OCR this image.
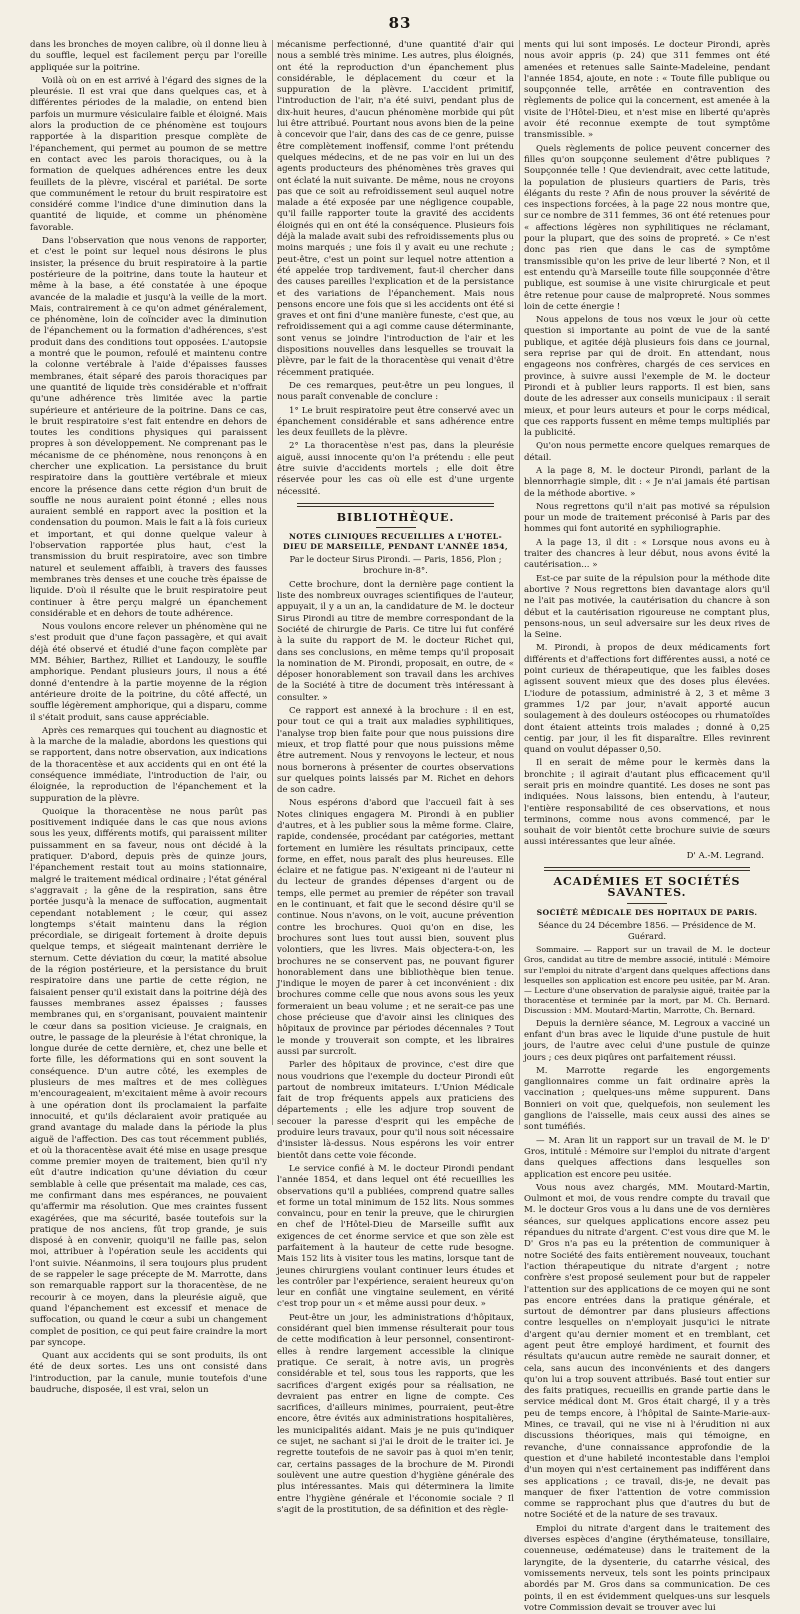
83

dans les bronches de moyen calibre, où il donne lieu à du souffle, lequel est facilement perçu par l'oreille appliquée sur la poitrine.

Voilà où on en est arrivé à l'égard des signes de la pleurésie. Il est vrai que dans quelques cas, et à différentes périodes de la maladie, on entend bien parfois un murmure vésiculaire faible et éloigné. Mais alors la production de ce phénomène est toujours rapportée à la disparition presque complète de l'épanchement, qui permet au poumon de se mettre en contact avec les parois thoraciques, ou à la formation de quelques adhérences entre les deux feuillets de la plèvre, viscéral et pariétal. De sorte que communément le retour du bruit respiratoire est considéré comme l'indice d'une diminution dans la quantité de liquide, et comme un phénomène favorable.

Dans l'observation que nous venons de rapporter, et c'est le point sur lequel nous désirons le plus insister, la présence du bruit respiratoire à la partie postérieure de la poitrine, dans toute la hauteur et même à la base, a été constatée à une époque avancée de la maladie et jusqu'à la veille de la mort. Mais, contrairement à ce qu'on admet généralement, ce phénomène, loin de coïncider avec la diminution de l'épanchement ou la formation d'adhérences, s'est produit dans des conditions tout opposées. L'autopsie a montré que le poumon, refoulé et maintenu contre la colonne vertébrale à l'aide d'épaisses fausses membranes, était séparé des parois thoraciques par une quantité de liquide très considérable et n'offrait qu'une adhérence très limitée avec la partie supérieure et antérieure de la poitrine. Dans ce cas, le bruit respiratoire s'est fait entendre en dehors de toutes les conditions physiques qui paraissent propres à son développement. Ne comprenant pas le mécanisme de ce phénomène, nous renonçons à en chercher une explication. La persistance du bruit respiratoire dans la gouttière vertébrale et mieux encore la présence dans cette région d'un bruit de souffle ne nous auraient point étonné ; elles nous auraient semblé en rapport avec la position et la condensation du poumon. Mais le fait a là fois curieux et important, et qui donne quelque valeur à l'observation rapportée plus haut, c'est la transmission du bruit respiratoire, avec son timbre naturel et seulement affaibli, à travers des fausses membranes très denses et une couche très épaisse de liquide. D'où il résulte que le bruit respiratoire peut continuer à être perçu malgré un épanchement considérable et en dehors de toute adhérence.

Nous voulons encore relever un phénomène qui ne s'est produit que d'une façon passagère, et qui avait déjà été observé et étudié d'une façon complète par MM. Béhier, Barthez, Rilliet et Landouzy, le souffle amphorique. Pendant plusieurs jours, il nous a été donné d'entendre à la partie moyenne de la région antérieure droite de la poitrine, du côté affecté, un souffle légèrement amphorique, qui a disparu, comme il s'était produit, sans cause appréciable.

Après ces remarques qui touchent au diagnostic et à la marche de la maladie, abordons les questions qui se rapportent, dans notre observation, aux indications de la thoracentèse et aux accidents qui en ont été la conséquence immédiate, l'introduction de l'air, ou éloignée, la reproduction de l'épanchement et la suppuration de la plèvre.

Quoique la thoracentèse ne nous parût pas positivement indiquée dans le cas que nous avions sous les yeux, différents motifs, qui paraissent militer puissamment en sa faveur, nous ont décidé à la pratiquer. D'abord, depuis près de quinze jours, l'épanchement restait tout au moins stationnaire, malgré le traitement médical ordinaire ; l'état général s'aggravait ; la gêne de la respiration, sans être portée jusqu'à la menace de suffocation, augmentait cependant notablement ; le cœur, qui assez longtemps s'était maintenu dans la région précordiale, se dirigeait fortement à droite depuis quelque temps, et siégeait maintenant derrière le sternum. Cette déviation du cœur, la matité absolue de la région postérieure, et la persistance du bruit respiratoire dans une partie de cette région, ne faisaient penser qu'il existait dans la poitrine déjà des fausses membranes assez épaisses ; fausses membranes qui, en s'organisant, pouvaient maintenir le cœur dans sa position vicieuse. Je craignais, en outre, le passage de la pleurésie à l'état chronique, la longue durée de cette dernière, et, chez une belle et forte fille, les déformations qui en sont souvent la conséquence. D'un autre côté, les exemples de plusieurs de mes maîtres et de mes collègues m'encourageaient, m'excitaient même à avoir recours à une opération dont ils proclamaient la parfaite innocuité, et qu'ils déclaraient avoir pratiquée au grand avantage du malade dans la période la plus aiguë de l'affection. Des cas tout récemment publiés, et où la thoracentèse avait été mise en usage presque comme premier moyen de traitement, bien qu'il n'y eût d'autre indication qu'une déviation du cœur semblable à celle que présentait ma malade, ces cas, me confirmant dans mes espérances, ne pouvaient qu'affermir ma résolution. Que mes craintes fussent exagérées, que ma sécurité, basée toutefois sur la pratique de nos anciens, fût trop grande, je suis disposé à en convenir, quoiqu'il ne faille pas, selon moi, attribuer à l'opération seule les accidents qui l'ont suivie. Néanmoins, il sera toujours plus prudent de se rappeler le sage précepte de M. Marrotte, dans son remarquable rapport sur la thoracentèse, de ne recourir à ce moyen, dans la pleurésie aiguë, que quand l'épanchement est excessif et menace de suffocation, ou quand le cœur a subi un changement complet de position, ce qui peut faire craindre la mort par syncope.

Quant aux accidents qui se sont produits, ils ont été de deux sortes. Les uns ont consisté dans l'introduction, par la canule, munie toutefois d'une baudruche, disposée, il est vrai, selon un

mécanisme perfectionné, d'une quantité d'air qui nous a semblé très minime. Les autres, plus éloignés, ont été la reproduction d'un épanchement plus considérable, le déplacement du cœur et la suppuration de la plèvre. L'accident primitif, l'introduction de l'air, n'a été suivi, pendant plus de dix-huit heures, d'aucun phénomène morbide qui pût lui être attribué. Pourtant nous avons bien de la peine à concevoir que l'air, dans des cas de ce genre, puisse être complètement inoffensif, comme l'ont prétendu quelques médecins, et de ne pas voir en lui un des agents producteurs des phénomènes très graves qui ont éclaté la nuit suivante. De même, nous ne croyons pas que ce soit au refroidissement seul auquel notre malade a été exposée par une négligence coupable, qu'il faille rapporter toute la gravité des accidents éloignés qui en ont été la conséquence. Plusieurs fois déjà la malade avait subi des refroidissements plus ou moins marqués ; une fois il y avait eu une rechute ; peut-être, c'est un point sur lequel notre attention a été appelée trop tardivement, faut-il chercher dans des causes pareilles l'explication et de la persistance et des variations de l'épanchement. Mais nous pensons encore une fois que si les accidents ont été si graves et ont fini d'une manière funeste, c'est que, au refroidissement qui a agi comme cause déterminante, sont venus se joindre l'introduction de l'air et les dispositions nouvelles dans lesquelles se trouvait la plèvre, par le fait de la thoracentèse qui venait d'être récemment pratiquée.

De ces remarques, peut-être un peu longues, il nous paraît convenable de conclure :

1° Le bruit respiratoire peut être conservé avec un épanchement considérable et sans adhérence entre les deux feuillets de la plèvre.

2° La thoracentèse n'est pas, dans la pleurésie aiguë, aussi innocente qu'on l'a prétendu : elle peut être suivie d'accidents mortels ; elle doit être réservée pour les cas où elle est d'une urgente nécessité.

BIBLIOTHÈQUE.
NOTES CLINIQUES RECUEILLIES A L'HOTEL-DIEU DE MARSEILLE, PENDANT L'ANNÉE 1854,
Par le docteur Sirus Pirondi. — Paris, 1856, Plon ; brochure in-8°.

Cette brochure, dont la dernière page contient la liste des nombreux ouvrages scientifiques de l'auteur, appuyait, il y a un an, la candidature de M. le docteur Sirus Pirondi au titre de membre correspondant de la Société de chirurgie de Paris. Ce titre lui fut conféré à la suite du rapport de M. le docteur Richet qui, dans ses conclusions, en même temps qu'il proposait la nomination de M. Pirondi, proposait, en outre, de « déposer honorablement son travail dans les archives de la Société à titre de document très intéressant à consulter. »

Ce rapport est annexé à la brochure : il en est, pour tout ce qui a trait aux maladies syphilitiques, l'analyse trop bien faite pour que nous puissions dire mieux, et trop flatté pour que nous puissions même être autrement. Nous y renvoyons le lecteur, et nous nous bornerons à présenter de courtes observations sur quelques points laissés par M. Richet en dehors de son cadre.

Nous espérons d'abord que l'accueil fait à ses Notes cliniques engagera M. Pirondi à en publier d'autres, et à les publier sous la même forme. Claire, rapide, condensée, procédant par catégories, mettant fortement en lumière les résultats principaux, cette forme, en effet, nous paraît des plus heureuses. Elle éclaire et ne fatigue pas. N'exigeant ni de l'auteur ni du lecteur de grandes dépenses d'argent ou de temps, elle permet au premier de répéter son travail en le continuant, et fait que le second désire qu'il se continue. Nous n'avons, on le voit, aucune prévention contre les brochures. Quoi qu'on en dise, les brochures sont lues tout aussi bien, souvent plus volontiers, que les livres. Mais objectera-t-on, les brochures ne se conservent pas, ne pouvant figurer honorablement dans une bibliothèque bien tenue. J'indique le moyen de parer à cet inconvénient : dix brochures comme celle que nous avons sous les yeux formeraient un beau volume ; et ne serait-ce pas une chose précieuse que d'avoir ainsi les cliniques des hôpitaux de province par périodes décennales ? Tout le monde y trouverait son compte, et les libraires aussi par surcroît.

Parler des hôpitaux de province, c'est dire que nous voudrions que l'exemple du docteur Pirondi eût partout de nombreux imitateurs. L'Union Médicale fait de trop fréquents appels aux praticiens des départements ; elle les adjure trop souvent de secouer la paresse d'esprit qui les empêche de produire leurs travaux, pour qu'il nous soit nécessaire d'insister là-dessus. Nous espérons les voir entrer bientôt dans cette voie féconde.

Le service confié à M. le docteur Pirondi pendant l'année 1854, et dans lequel ont été recueillies les observations qu'il a publiées, comprend quatre salles et forme un total minimum de 152 lits. Nous sommes convaincu, pour en tenir la preuve, que le chirurgien en chef de l'Hôtel-Dieu de Marseille suffit aux exigences de cet énorme service et que son zèle est parfaitement à la hauteur de cette rude besogne. Mais 152 lits à visiter tous les matins, lorsque tant de jeunes chirurgiens voulant continuer leurs études et les contrôler par l'expérience, seraient heureux qu'on leur en confiât une vingtaine seulement, en vérité c'est trop pour un « et même aussi pour deux. »

Peut-être un jour, les administrations d'hôpitaux, considérant quel bien immense résulterait pour tous de cette modification à leur personnel, consentiront-elles à rendre largement accessible la clinique pratique. Ce serait, à notre avis, un progrès considérable et tel, sous tous les rapports, que les sacrifices d'argent exigés pour sa réalisation, ne devraient pas entrer en ligne de compte. Ces sacrifices, d'ailleurs minimes, pourraient, peut-être encore, être évités aux administrations hospitalières, les municipalités aidant. Mais je ne puis qu'indiquer ce sujet, ne sachant si j'ai le droit de le traiter ici. Je regrette toutefois de ne savoir pas à quoi m'en tenir, car, certains passages de la brochure de M. Pirondi soulèvent une autre question d'hygiène générale des plus intéressantes. Mais qui déterminera la limite entre l'hygiène générale et l'économie sociale ? Il s'agit de la prostitution, de sa définition et des règle-

ments qui lui sont imposés. Le docteur Pirondi, après nous avoir appris (p. 24) que 311 femmes ont été amenées et retenues salle Sainte-Madeleine, pendant l'année 1854, ajoute, en note : « Toute fille publique ou soupçonnée telle, arrêtée en contravention des règlements de police qui la concernent, est amenée à la visite de l'Hôtel-Dieu, et n'est mise en liberté qu'après avoir été reconnue exempte de tout symptôme transmissible. »

Quels règlements de police peuvent concerner des filles qu'on soupçonne seulement d'être publiques ? Soupçonnée telle ! Que deviendrait, avec cette latitude, la population de plusieurs quartiers de Paris, très élégants du reste ? Afin de nous prouver la sévérité de ces inspections forcées, à la page 22 nous montre que, sur ce nombre de 311 femmes, 36 ont été retenues pour « affections légères non syphilitiques ne réclamant, pour la plupart, que des soins de propreté. » Ce n'est donc pas rien que dans le cas de symptôme transmissible qu'on les prive de leur liberté ? Non, et il est entendu qu'à Marseille toute fille soupçonnée d'être publique, est soumise à une visite chirurgicale et peut être retenue pour cause de malpropreté. Nous sommes loin de cette énergie !

Nous appelons de tous nos vœux le jour où cette question si importante au point de vue de la santé publique, et agitée déjà plusieurs fois dans ce journal, sera reprise par qui de droit. En attendant, nous engageons nos confrères, chargés de ces services en province, à suivre aussi l'exemple de M. le docteur Pirondi et à publier leurs rapports. Il est bien, sans doute de les adresser aux conseils municipaux : il serait mieux, et pour leurs auteurs et pour le corps médical, que ces rapports fussent en même temps multipliés par la publicité.

Qu'on nous permette encore quelques remarques de détail.

A la page 8, M. le docteur Pirondi, parlant de la blennorrhagie simple, dit : « Je n'ai jamais été partisan de la méthode abortive. »

Nous regrettons qu'il n'ait pas motivé sa répulsion pour un mode de traitement préconisé à Paris par des hommes qui font autorité en syphiliographie.

A la page 13, il dit : « Lorsque nous avons eu à traiter des chancres à leur début, nous avons évité la cautérisation... »

Est-ce par suite de la répulsion pour la méthode dite abortive ? Nous regrettons bien davantage alors qu'il ne l'ait pas motivée, la cautérisation du chancre à son début et la cautérisation rigoureuse ne comptant plus, pensons-nous, un seul adversaire sur les deux rives de la Seine.

M. Pirondi, à propos de deux médicaments fort différents et d'affections fort différentes aussi, a noté ce point curieux de thérapeutique, que les faibles doses agissent souvent mieux que des doses plus élevées. L'iodure de potassium, administré à 2, 3 et même 3 grammes 1/2 par jour, n'avait apporté aucun soulagement à des douleurs ostéocopes ou rhumatoïdes dont étaient atteints trois malades ; donné à 0,25 centig. par jour, il les fit disparaître. Elles revinrent quand on voulut dépasser 0,50.

Il en serait de même pour le kermès dans la bronchite ; il agirait d'autant plus efficacement qu'il serait pris en moindre quantité. Les doses ne sont pas indiquées. Nous laissons, bien entendu, à l'auteur, l'entière responsabilité de ces observations, et nous terminons, comme nous avons commencé, par le souhait de voir bientôt cette brochure suivie de sœurs aussi intéressantes que leur aînée.

D' A.-M. Legrand.
ACADÉMIES ET SOCIÉTÉS SAVANTES.
SOCIÉTÉ MÉDICALE DES HOPITAUX DE PARIS.
Séance du 24 Décembre 1856. — Présidence de M. Guérard.

Sommaire. — Rapport sur un travail de M. le docteur Gros, candidat au titre de membre associé, intitulé : Mémoire sur l'emploi du nitrate d'argent dans quelques affections dans lesquelles son application est encore peu usitée, par M. Aran. — Lecture d'une observation de paralysie aiguë, traitée par la thoracentèse et terminée par la mort, par M. Ch. Bernard. Discussion : MM. Moutard-Martin, Marrotte, Ch. Bernard.

Depuis la dernière séance, M. Legroux a vacciné un enfant d'un bras avec le liquide d'une pustule de huit jours, de l'autre avec celui d'une pustule de quinze jours ; ces deux piqûres ont parfaitement réussi.

M. Marrotte regarde les engorgements ganglionnaires comme un fait ordinaire après la vaccination ; quelques-uns même suppurent. Dans Bonnieri on voit que, quelquefois, non seulement les ganglions de l'aisselle, mais ceux aussi des aines se sont tuméfiés.

— M. Aran lit un rapport sur un travail de M. le D' Gros, intitulé : Mémoire sur l'emploi du nitrate d'argent dans quelques affections dans lesquelles son application est encore peu usitée.

Vous nous avez chargés, MM. Moutard-Martin, Oulmont et moi, de vous rendre compte du travail que M. le docteur Gros vous a lu dans une de vos dernières séances, sur quelques applications encore assez peu répandues du nitrate d'argent. C'est vous dire que M. le D' Gros n'a pas eu la prétention de communiquer à notre Société des faits entièrement nouveaux, touchant l'action thérapeutique du nitrate d'argent ; notre confrère s'est proposé seulement pour but de rappeler l'attention sur des applications de ce moyen qui ne sont pas encore entrées dans la pratique générale, et surtout de démontrer par dans plusieurs affections contre lesquelles on n'employait jusqu'ici le nitrate d'argent qu'au dernier moment et en tremblant, cet agent peut être employé hardiment, et fournit des résultats qu'aucun autre remède ne saurait donner, et cela, sans aucun des inconvénients et des dangers qu'on lui a trop souvent attribués. Basé tout entier sur des faits pratiques, recueillis en grande partie dans le service médical dont M. Gros était chargé, il y a très peu de temps encore, à l'hôpital de Sainte-Marie-aux-Mines, ce travail, qui ne vise ni à l'érudition ni aux discussions théoriques, mais qui témoigne, en revanche, d'une connaissance approfondie de la question et d'une habileté incontestable dans l'emploi d'un moyen qui n'est certainement pas indifférent dans ses applications ; ce travail, dis-je, ne devait pas manquer de fixer l'attention de votre commission comme se rapprochant plus que d'autres du but de notre Société et de la nature de ses travaux.

Emploi du nitrate d'argent dans le traitement des diverses espèces d'angine (érythémateuse, tonsillaire, couenneuse, œdémateuse) dans le traitement de la laryngite, de la dysenterie, du catarrhe vésical, des vomissements nerveux, tels sont les points principaux abordés par M. Gros dans sa communication. De ces points, il en est évidemment quelques-uns sur lesquels votre Commission devait se trouver avec lui
